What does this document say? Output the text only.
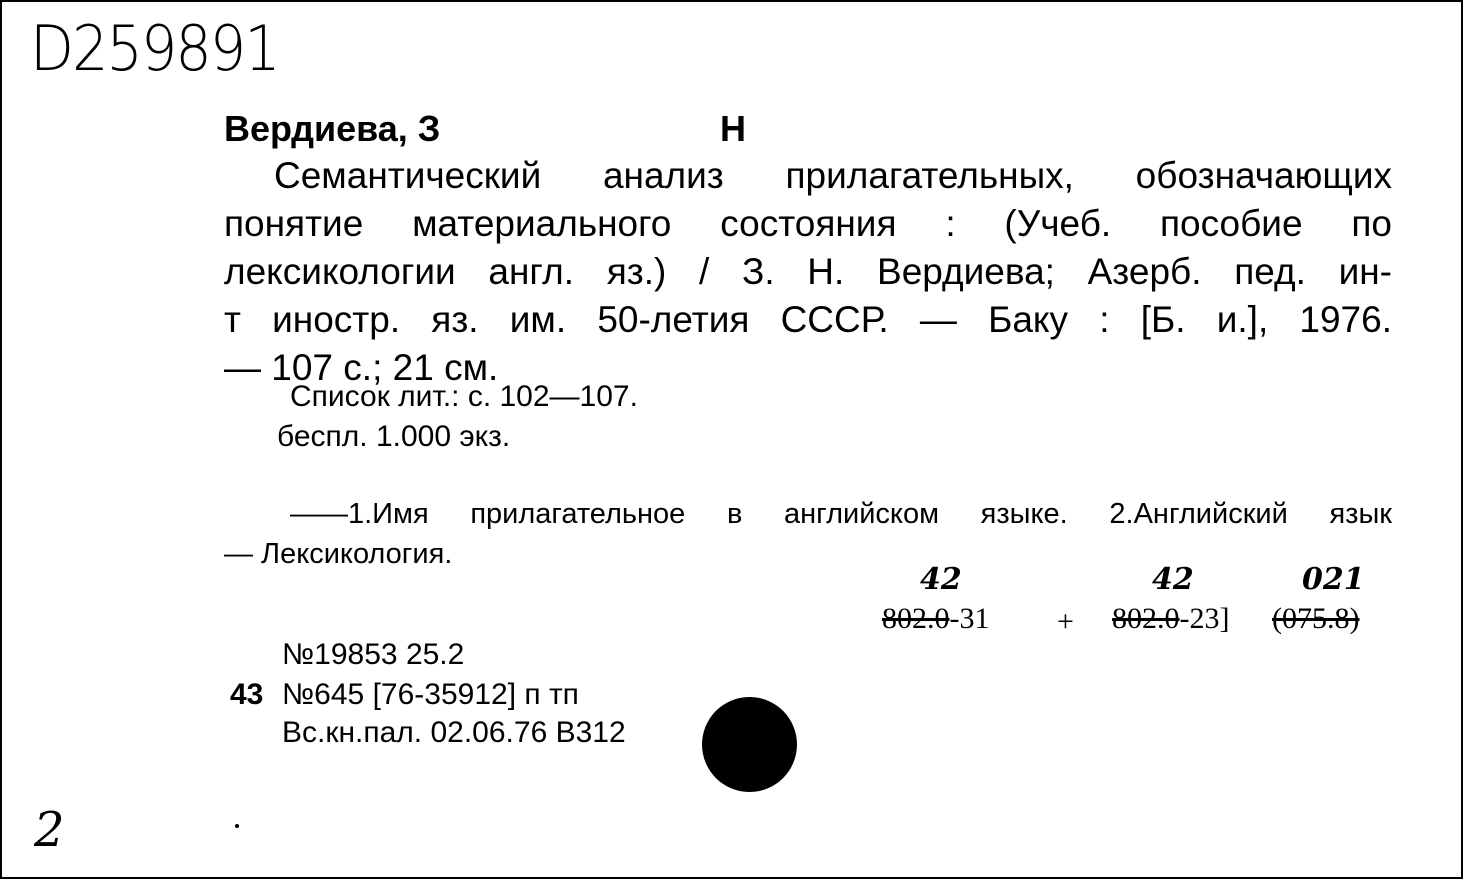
D259891
Вердиева, З	Н
Семантический анализ прилагательных, обозначающих
понятие материального состояния : (Учеб. пособие по
лексикологии англ. яз.) / З. Н. Вердиева; Азерб. пед. ин-
т иностр. яз. им. 50-летия СССР. — Баку : [Б. и.], 1976.
— 107 с.; 21 см.
Список лит.: с. 102—107.
беспл. 1.000 экз.
——1.Имя прилагательное в английском языке. 2.Английский язык
— Лексикология.
42	42	021
802.0-31 + 802.0-23] (075.8)
№19853 25.2
43 №645 [76-35912] п тп
Вс.кн.пал. 02.06.76 В312
2
